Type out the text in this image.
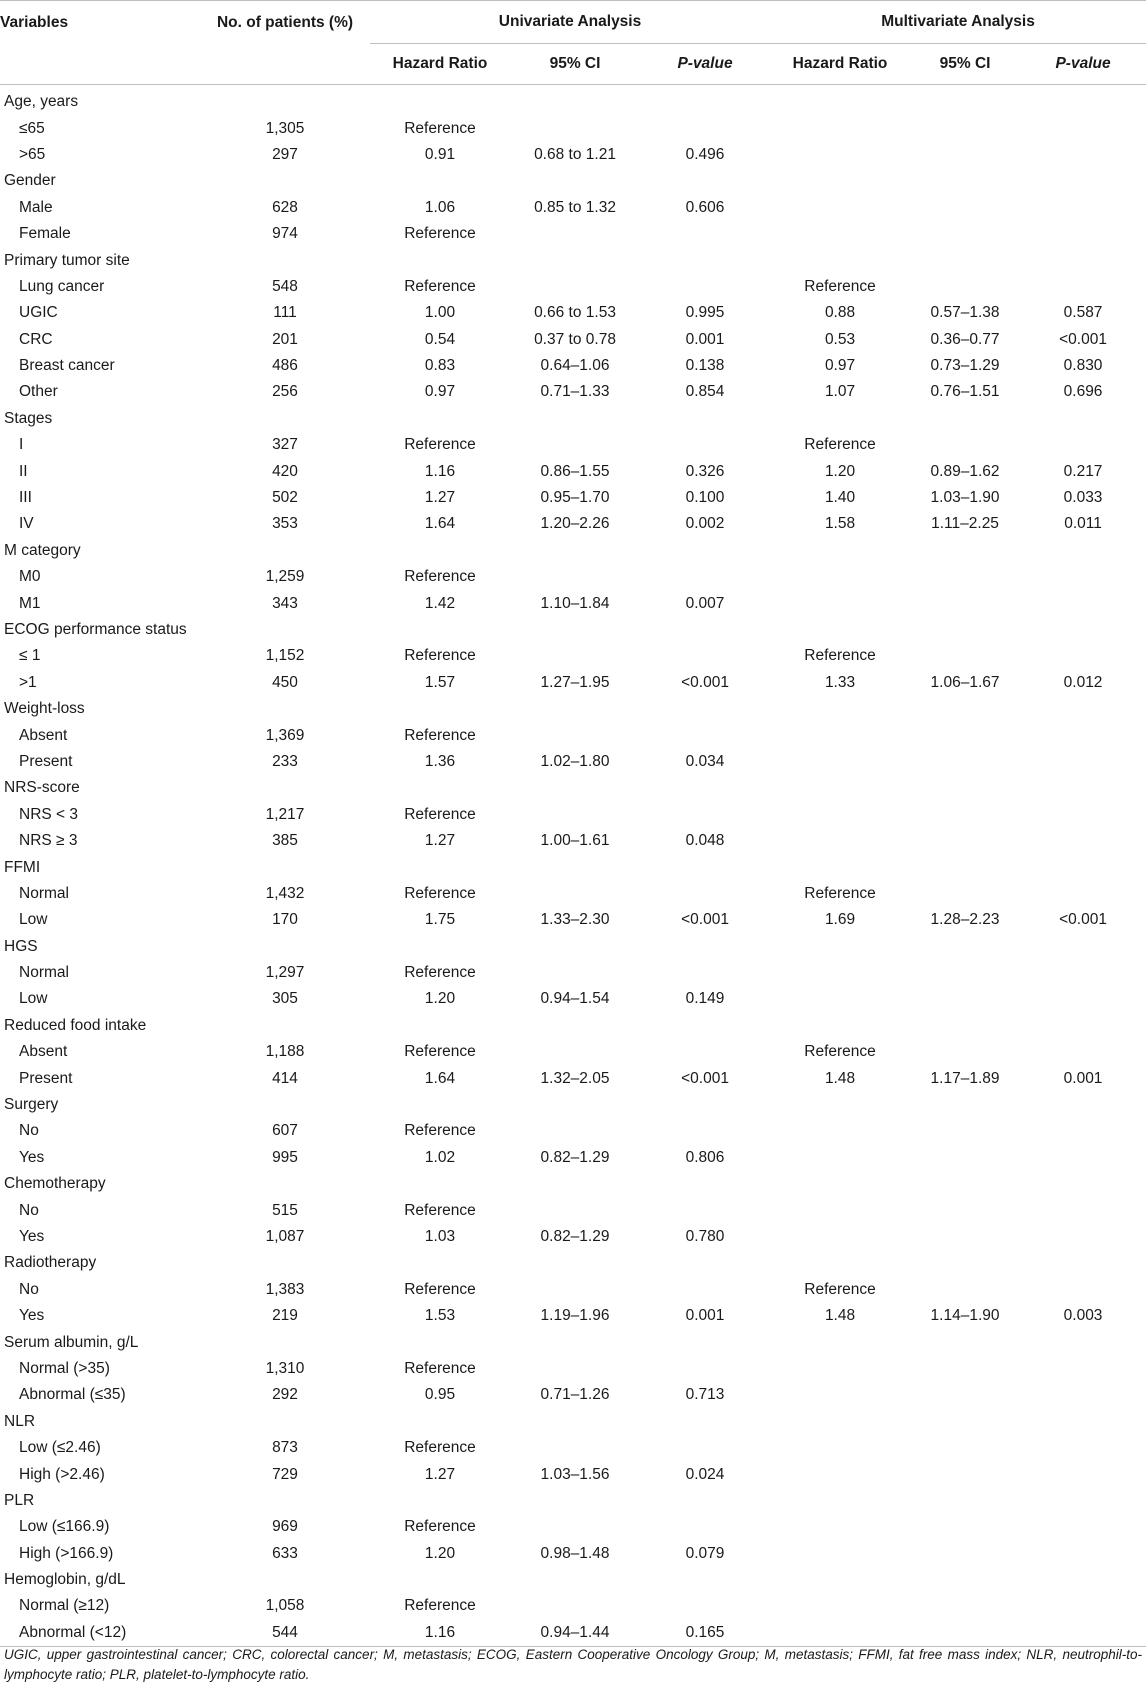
Variables	No. of patients (%)	Univariate Analysis			Multivariate Analysis		
		Hazard Ratio	95% CI	P-value	Hazard Ratio	95% CI	P-value

Age, years							
≤65	1,305	Reference					
>65	297	0.91	0.68 to 1.21	0.496			
Gender							
Male	628	1.06	0.85 to 1.32	0.606			
Female	974	Reference					
Primary tumor site							
Lung cancer	548	Reference			Reference		
UGIC	111	1.00	0.66 to 1.53	0.995	0.88	0.57–1.38	0.587
CRC	201	0.54	0.37 to 0.78	0.001	0.53	0.36–0.77	<0.001
Breast cancer	486	0.83	0.64–1.06	0.138	0.97	0.73–1.29	0.830
Other	256	0.97	0.71–1.33	0.854	1.07	0.76–1.51	0.696
Stages							
I	327	Reference			Reference		
II	420	1.16	0.86–1.55	0.326	1.20	0.89–1.62	0.217
III	502	1.27	0.95–1.70	0.100	1.40	1.03–1.90	0.033
IV	353	1.64	1.20–2.26	0.002	1.58	1.11–2.25	0.011
M category							
M0	1,259	Reference					
M1	343	1.42	1.10–1.84	0.007			
ECOG performance status							
≤ 1	1,152	Reference			Reference		
>1	450	1.57	1.27–1.95	<0.001	1.33	1.06–1.67	0.012
Weight-loss							
Absent	1,369	Reference					
Present	233	1.36	1.02–1.80	0.034			
NRS-score							
NRS < 3	1,217	Reference					
NRS ≥ 3	385	1.27	1.00–1.61	0.048			
FFMI							
Normal	1,432	Reference			Reference		
Low	170	1.75	1.33–2.30	<0.001	1.69	1.28–2.23	<0.001
HGS							
Normal	1,297	Reference					
Low	305	1.20	0.94–1.54	0.149			
Reduced food intake							
Absent	1,188	Reference			Reference		
Present	414	1.64	1.32–2.05	<0.001	1.48	1.17–1.89	0.001
Surgery							
No	607	Reference					
Yes	995	1.02	0.82–1.29	0.806			
Chemotherapy							
No	515	Reference					
Yes	1,087	1.03	0.82–1.29	0.780			
Radiotherapy							
No	1,383	Reference			Reference		
Yes	219	1.53	1.19–1.96	0.001	1.48	1.14–1.90	0.003
Serum albumin, g/L							
Normal (>35)	1,310	Reference					
Abnormal (≤35)	292	0.95	0.71–1.26	0.713			
NLR							
Low (≤2.46)	873	Reference					
High (>2.46)	729	1.27	1.03–1.56	0.024			
PLR							
Low (≤166.9)	969	Reference					
High (>166.9)	633	1.20	0.98–1.48	0.079			
Hemoglobin, g/dL							
Normal (≥12)	1,058	Reference					
Abnormal (<12)	544	1.16	0.94–1.44	0.165			
UGIC, upper gastrointestinal cancer; CRC, colorectal cancer; M, metastasis; ECOG, Eastern Cooperative Oncology Group; M, metastasis; FFMI, fat free mass index; NLR, neutrophil-to-lymphocyte ratio; PLR, platelet-to-lymphocyte ratio.
